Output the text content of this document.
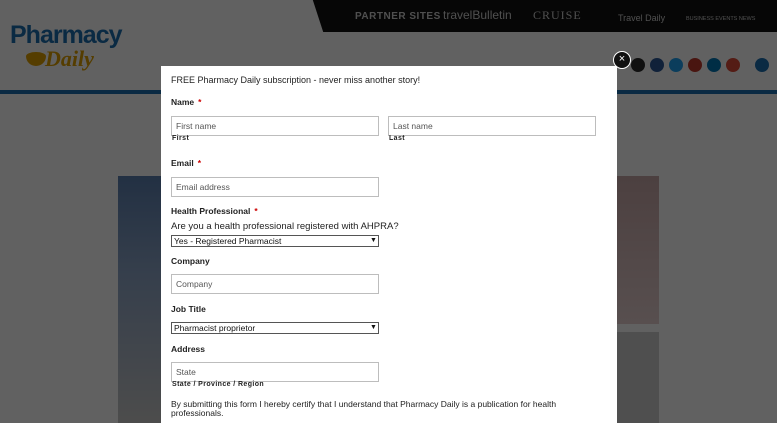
FREE Pharmacy Daily subscription - never miss another story!
Name *
First name
First
Last name	Last
Email *
Email address
Health Professional *
Are you a health professional registered with AHPRA?
Yes - Registered Pharmacist
▼
Company
Company
Job Title
Pharmacist proprietor
▼
Address
State
State / Province / Region
By submitting this form I hereby certify that I understand that Pharmacy Daily is a publication for health professionals.
×
